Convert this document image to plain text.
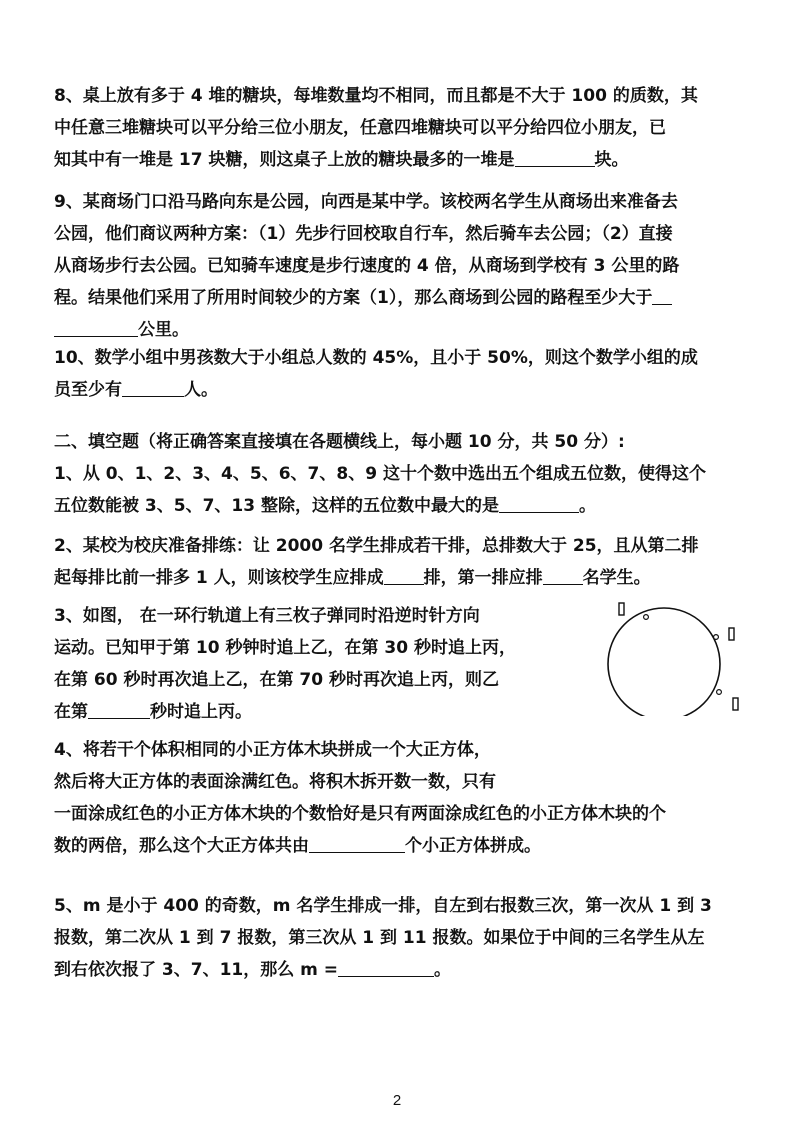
8、桌上放有多于 4 堆的糖块，每堆数量均不相同，而且都是不大于 100 的质数，其

中任意三堆糖块可以平分给三位小朋友，任意四堆糖块可以平分给四位小朋友，已

知其中有一堆是 17 块糖，则这桌子上放的糖块最多的一堆是	块。

9、某商场门口沿马路向东是公园，向西是某中学。该校两名学生从商场出来准备去

公园，他们商议两种方案：（1）先步行回校取自行车，然后骑车去公园；（2）直接

从商场步行去公园。已知骑车速度是步行速度的 4 倍，从商场到学校有 3 公里的路

程。结果他们采用了所用时间较少的方案（1），那么商场到公园的路程至少大于

公里。

10、数学小组中男孩数大于小组总人数的 45%，且小于 50%，则这个数学小组的成

员至少有	人。

二、填空题（将正确答案直接填在各题横线上，每小题 10 分，共 50 分）:

1、从 0、1、2、3、4、5、6、7、8、9 这十个数中选出五个组成五位数，使得这个

五位数能被 3、5、7、13 整除，这样的五位数中最大的是	。

2、某校为校庆准备排练：让 2000 名学生排成若干排，总排数大于 25，且从第二排

起每排比前一排多 1 人，则该校学生应排成 排，第一排应排 名学生。

3、如图， 在一环行轨道上有三枚子弹同时沿逆时针方向

运动。已知甲于第 10 秒钟时追上乙，在第 30 秒时追上丙，

在第 60 秒时再次追上乙，在第 70 秒时再次追上丙，则乙

在第	秒时追上丙。

4、将若干个体积相同的小正方体木块拼成一个大正方体，

然后将大正方体的表面涂满红色。将积木拆开数一数，只有

一面涂成红色的小正方体木块的个数恰好是只有两面涂成红色的小正方体木块的个

数的两倍，那么这个大正方体共由	个小正方体拼成。

5、m 是小于 400 的奇数，m 名学生排成一排，自左到右报数三次，第一次从 1 到 3

报数，第二次从 1 到 7 报数，第三次从 1 到 11 报数。如果位于中间的三名学生从左

到右依次报了 3、7、11，那么 m =	。

2
